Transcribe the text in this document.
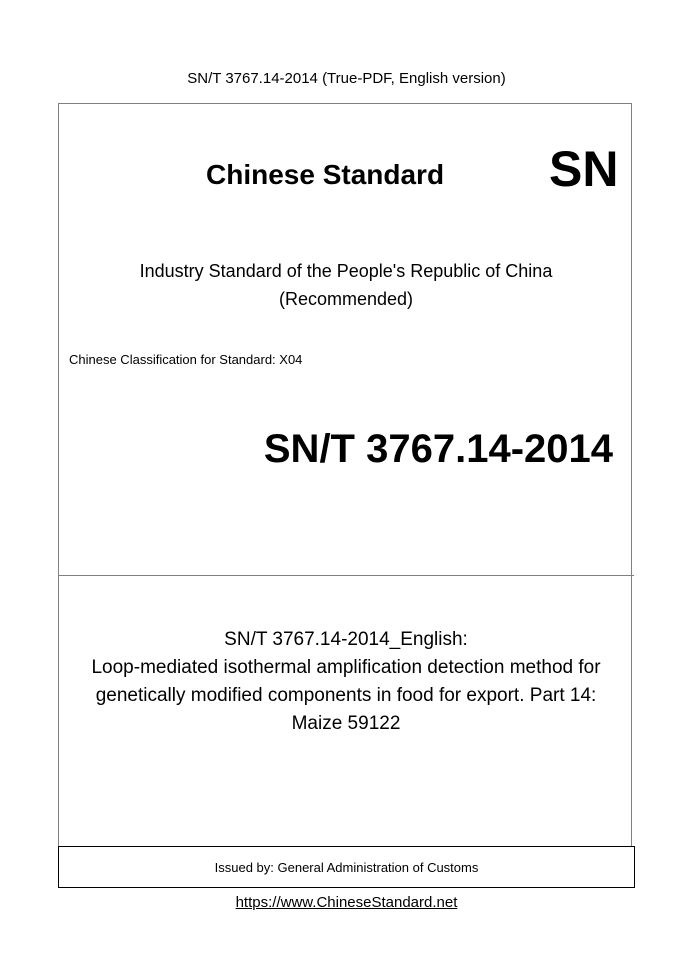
SN/T 3767.14-2014 (True-PDF, English version)
Chinese Standard SN
Industry Standard of the People's Republic of China
(Recommended)
Chinese Classification for Standard: X04
SN/T 3767.14-2014
SN/T 3767.14-2014_English:
Loop-mediated isothermal amplification detection method for
genetically modified components in food for export. Part 14:
Maize 59122
Issued by: General Administration of Customs
https://www.ChineseStandard.net
